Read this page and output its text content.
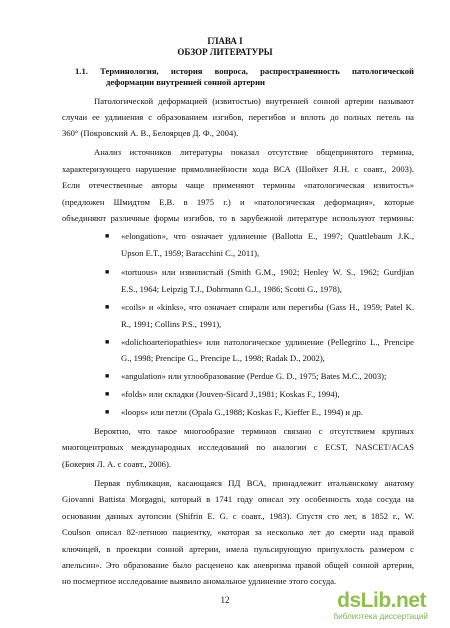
ГЛАВА I
ОБЗОР ЛИТЕРАТУРЫ
1.1. Терминология, история вопроса, распространенность патологической
деформации внутренней сонной артерии
Патологической деформацией (извитостью) внутренней сонной артерии называют
случаи ее удлинения с образованием изгибов, перегибов и вплоть до полных петель на
360° (Покровский А. В., Белоярцев Д. Ф., 2004).
Анализ источников литературы показал отсутствие общепринятого термина,
характеризующего нарушение прямолинейности хода ВСА (Шойхет Я.Н. с соавт., 2003).
Если отечественные авторы чаще применяют термины «патологическая извитость»
(предложен Шмидтом Е.В. в 1975 г.) и «патологическая деформация», которые
объединяют различные формы изгибов, то в зарубежной литературе используют термины:
■ «elongation», что означает удлинение (Ballotta E., 1997; Quattlebaum J.K.,
Upson E.T., 1959; Baracchini C., 2011),
■ «tortuous» или извилистый (Smith G.M., 1902; Henley W. S., 1962; Gurdjian
E.S., 1964; Leipzig T.J., Dohrmann G.J., 1986; Scotti G., 1978),
■ «coils» и «kinks», что означает спирали или перегибы (Gass H., 1959; Patel K.
R., 1991; Collins P.S., 1991),
■ «dolichoarteriopathies» или патологическое удлинение (Pellegrino L., Prencipe
G., 1998; Prencipe G., Prencipe L., 1998; Radak D., 2002),
■ «angulation» или углообразование (Perdue G. D., 1975; Bates M.C., 2003);
■ «folds» или складки (Jouven-Sicard J.,1981; Koskas F., 1994),
■ «loops» или петли (Opala G.,1988; Koskas F., Kieffer E., 1994) и др.
Вероятно, что такое многообразие терминов связано с отсутствием крупных
многоцентровых международных исследований по аналогии с ECST, NASCET/ACAS
(Бокерия Л. А. с соавт., 2006).
Первая публикация, касающаяся ПД ВСА, принадлежит итальянскому анатому
Giovanni Battista Morgagni, который в 1741 году описал эту особенность хода сосуда на
основании данных аутопсии (Shifrin E. G. с соавт., 1983). Спустя сто лет, в 1852 г., W.
Coulson описал 82-летнюю пациентку, «которая за несколько лет до смерти над правой
ключицей, в проекции сонной артерии, имела пульсирующую припухлость размером с
апельсин». Это образование было расценено как аневризма правой общей сонной артерии,
но посмертное исследование выявило аномальное удлинение этого сосуда.
12	dsLib.net
библиотека диссертаций
